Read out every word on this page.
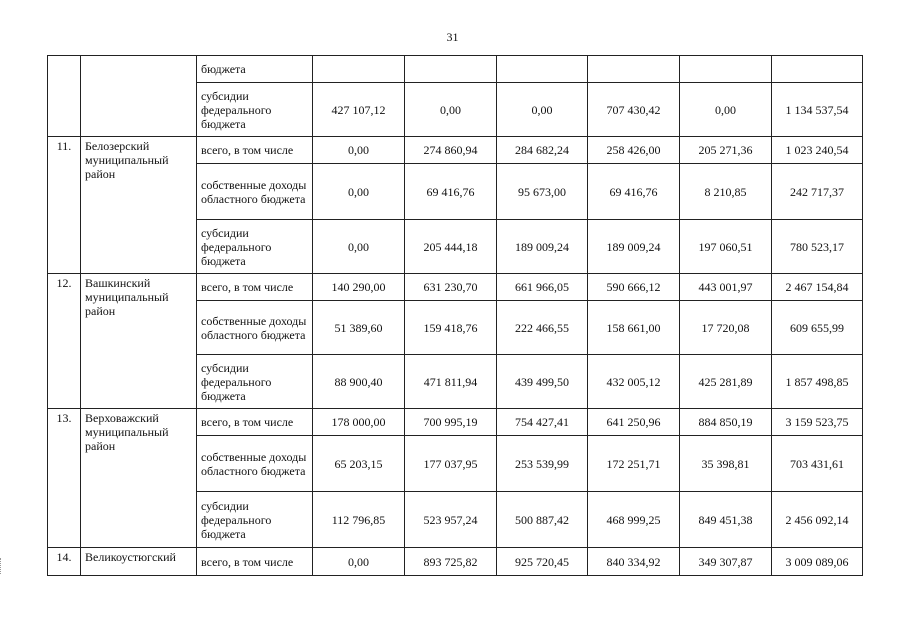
31
		бюджета						
		субсидии федерального бюджета	427 107,12	0,00	0,00	707 430,42	0,00	1 134 537,54
11.	Белозерский муниципальный район	всего, в том числе	0,00	274 860,94	284 682,24	258 426,00	205 271,36	1 023 240,54
		собственные доходы областного бюджета	0,00	69 416,76	95 673,00	69 416,76	8 210,85	242 717,37
		субсидии федерального бюджета	0,00	205 444,18	189 009,24	189 009,24	197 060,51	780 523,17
12.	Вашкинский муниципальный район	всего, в том числе	140 290,00	631 230,70	661 966,05	590 666,12	443 001,97	2 467 154,84
		собственные доходы областного бюджета	51 389,60	159 418,76	222 466,55	158 661,00	17 720,08	609 655,99
		субсидии федерального бюджета	88 900,40	471 811,94	439 499,50	432 005,12	425 281,89	1 857 498,85
13.	Верховажский муниципальный район	всего, в том числе	178 000,00	700 995,19	754 427,41	641 250,96	884 850,19	3 159 523,75
		собственные доходы областного бюджета	65 203,15	177 037,95	253 539,99	172 251,71	35 398,81	703 431,61
		субсидии федерального бюджета	112 796,85	523 957,24	500 887,42	468 999,25	849 451,38	2 456 092,14
14.	Великоустюгский	всего, в том числе	0,00	893 725,82	925 720,45	840 334,92	349 307,87	3 009 089,06
